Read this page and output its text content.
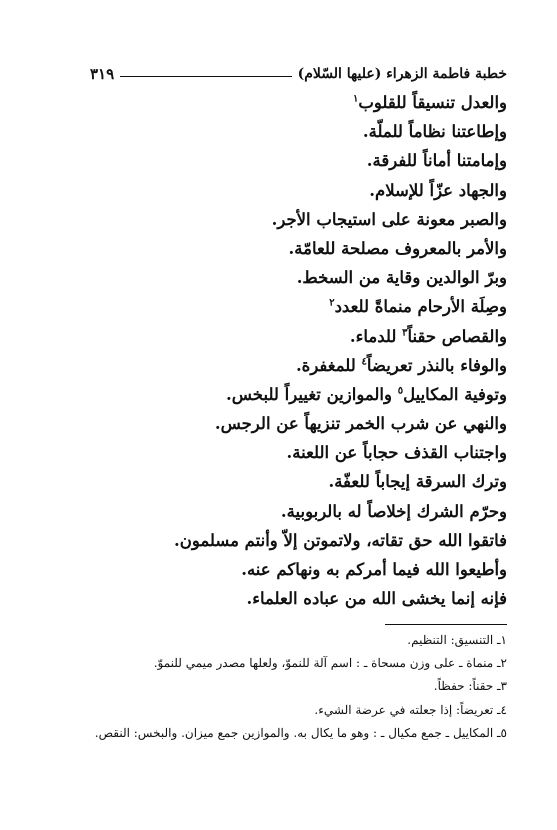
خطبة فاطمة الزهراء (عليها السّلام)
٣١٩
والعدل تنسيقاً للقلوب$^١$
وإطاعتنا نظاماً للملّة.
وإمامتنا أماناً للفرقة.
والجهاد عزّاً للإسلام.
والصبر معونة على استيجاب الأجر.
والأمر بالمعروف مصلحة للعامّة.
وبرّ الوالدين وقاية من السخط.
وصِلَة الأرحام منماةً للعدد$^٢$
والقصاص حقناً$^٣$ للدماء.
والوفاء بالنذر تعريضاً$^٤$ للمغفرة.
وتوفية المكاييل$^٥$ والموازين تغييراً للبخس.
والنهي عن شرب الخمر تنزيهاً عن الرجس.
واجتناب القذف حجاباً عن اللعنة.
وترك السرقة إيجاباً للعفّة.
وحرّم الشرك إخلاصاً له بالربوبية.
فاتقوا الله حق تقاته، ولاتموتن إلاّ وأنتم مسلمون.
وأطيعوا الله فيما أمركم به ونهاكم عنه.
فإنه إنما يخشى الله من عباده العلماء.
١ـ التنسيق: التنظيم.
٢ـ منماة ـ على وزن مسحاة ـ : اسم آلة للنموّ، ولعلها مصدر ميمي للنموّ.
٣ـ حقناً: حفظاً.
٤ـ تعريضاً: إذا جعلته في عرضة الشيء.
٥ـ المكاييل ـ جمع مكيال ـ : وهو ما يكال به. والموازين جمع ميزان. والبخس: النقص.
